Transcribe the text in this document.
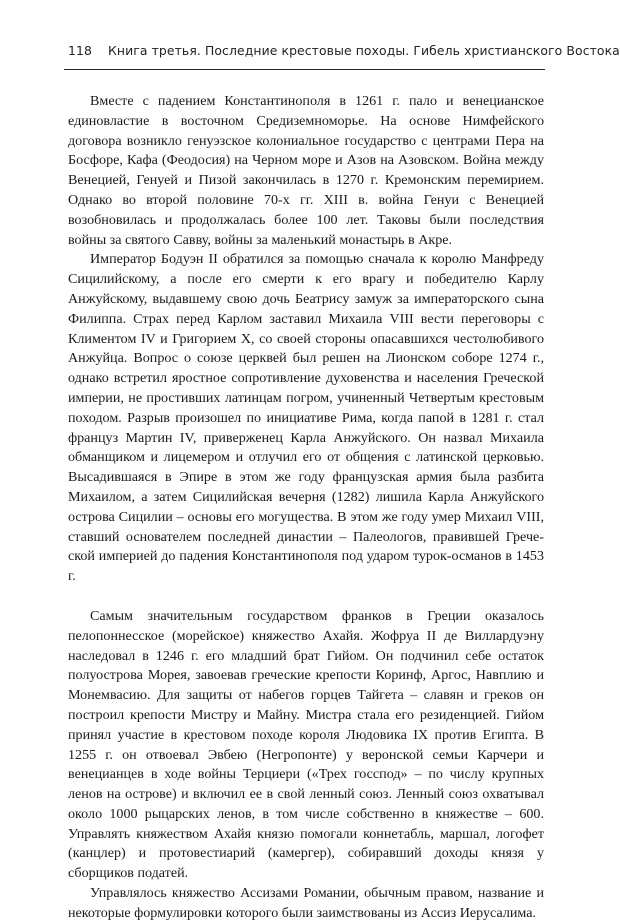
118 Книга третья. Последние крестовые походы. Гибель христианского Востока

Вместе с падением Константинополя в 1261 г. пало и венецианское единовластие в восточном Средиземноморье. На основе Нимфейского договора возникло генуэзское колониальное государство с центрами Пера на Босфоре, Кафа (Феодосия) на Черном море и Азов на Азовском. Война между Венецией, Генуей и Пизой закончилась в 1270 г. Кремонским перемирием. Однако во второй половине 70-х гг. XIII в. война Генуи с Венецией возобновилась и продолжалась более 100 лет. Таковы были последствия войны за святого Савву, войны за маленький монастырь в Акре.

Император Бодуэн II обратился за помощью сначала к королю Манфреду Сицилийскому, а после его смерти к его врагу и победителю Карлу Анжуйскому, выдавшему свою дочь Беатрису замуж за императорского сына Филиппа. Страх перед Карлом заставил Михаила VIII вести переговоры с Климентом IV и Григорием X, со своей стороны опасавшихся честолюбивого Анжуйца. Вопрос о союзе церквей был решен на Лионском соборе 1274 г., однако встретил яростное сопротивление духовенства и населения Греческой империи, не простивших латинцам погром, учиненный Четвертым крестовым походом. Разрыв произошел по инициативе Рима, когда папой в 1281 г. стал француз Мартин IV, приверженец Карла Анжуйского. Он назвал Михаила обманщиком и лицемером и отлучил его от общения с латинской церковью. Высадившаяся в Эпире в этом же году французская армия была разбита Михаилом, а затем Сицилийская вечерня (1282) лишила Карла Анжуйского острова Сицилии – основы его могущества. В этом же году умер Михаил VIII, ставший основателем последней династии – Палеологов, правившей Греческой империей до падения Константинополя под ударом турок-османов в 1453 г.

Самым значительным государством франков в Греции оказалось пелопоннесское (морейское) княжество Ахайя. Жофруа II де Виллардуэну наследовал в 1246 г. его младший брат Гийом. Он подчинил себе остаток полуострова Морея, завоевав греческие крепости Коринф, Аргос, Навплию и Монемвасию. Для защиты от набегов горцев Тайгета – славян и греков он построил крепости Мистру и Майну. Мистра стала его резиденцией. Гийом принял участие в крестовом походе короля Людовика IX против Египта. В 1255 г. он отвоевал Эвбею (Негропонте) у веронской семьи Карчери и венецианцев в ходе войны Терциери («Трех госспод» – по числу крупных ленов на острове) и включил ее в свой ленный союз. Ленный союз охватывал около 1000 рыцарских ленов, в том числе собственно в княжестве – 600. Управлять княжеством Ахайя князю помогали коннетабль, маршал, логофет (канцлер) и протовестиарий (камергер), собиравший доходы князя у сборщиков податей.

Управлялось княжество Ассизами Романии, обычным правом, название и некоторые формулировки которого были заимствованы из Ассиз Иерусалима.
